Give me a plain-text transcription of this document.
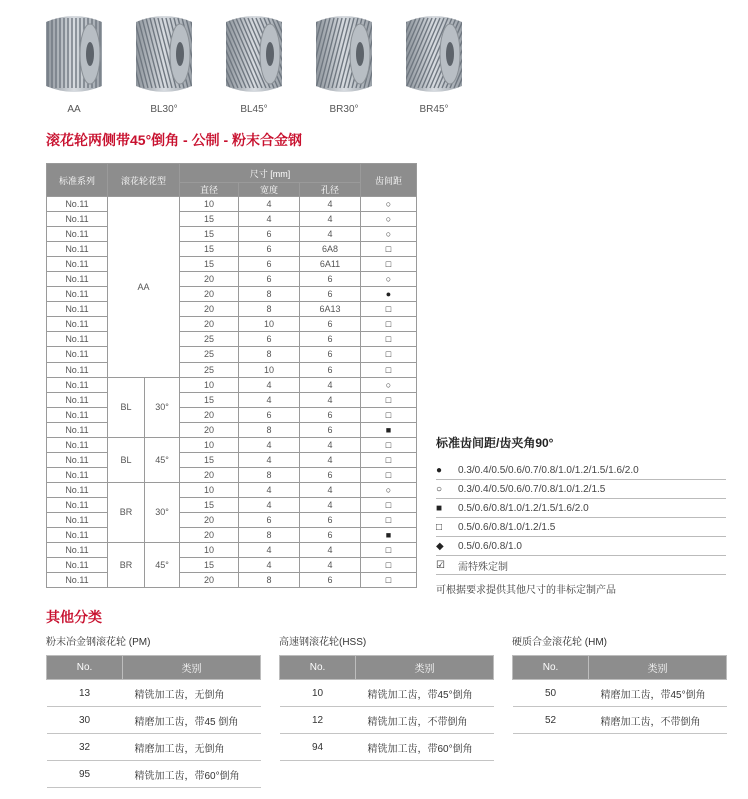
AA	BL30°	BL45°	BR30°	BR45°
滚花轮两侧带45°倒角 - 公制 - 粉末合金钢
标准系列	滚花轮花型		尺寸 [mm]			齿间距
			直径	宽度	孔径	
No.11	AA		10	4	4	○
No.11			15	4	4	○
No.11			15	6	4	○
No.11			15	6	6A8	□
No.11			15	6	6A11	□
No.11			20	6	6	○
No.11			20	8	6	●
No.11			20	8	6A13	□
No.11			20	10	6	□
No.11			25	6	6	□
No.11			25	8	6	□
No.11			25	10	6	□
No.11	BL	30°	10	4	4	○
No.11			15	4	4	□
No.11			20	6	6	□
No.11			20	8	6	■
No.11	BL	45°	10	4	4	□
No.11			15	4	4	□
No.11			20	8	6	□
No.11	BR	30°	10	4	4	○
No.11			15	4	4	□
No.11			20	6	6	□
No.11			20	8	6	■
No.11	BR	45°	10	4	4	□
No.11			15	4	4	□
No.11			20	8	6	□
标准齿间距/齿夹角90°
●	0.3/0.4/0.5/0.6/0.7/0.8/1.0/1.2/1.5/1.6/2.0
○	0.3/0.4/0.5/0.6/0.7/0.8/1.0/1.2/1.5
■	0.5/0.6/0.8/1.0/1.2/1.5/1.6/2.0
□	0.5/0.6/0.8/1.0/1.2/1.5
◆	0.5/0.6/0.8/1.0
☑	需特殊定制
可根据要求提供其他尺寸的非标定制产品
其他分类
粉末冶金钢滚花轮 (PM)
No.	类别
13	精铣加工齿，无倒角
30	精磨加工齿，带45 倒角
32	精磨加工齿，无倒角
95	精铣加工齿，带60°倒角
高速钢滚花轮(HSS)
No.	类别
10	精铣加工齿，带45°倒角
12	精铣加工齿，不带倒角
94	精铣加工齿，带60°倒角
硬质合金滚花轮 (HM)
No.	类别
50	精磨加工齿，带45°倒角
52	精磨加工齿，不带倒角
